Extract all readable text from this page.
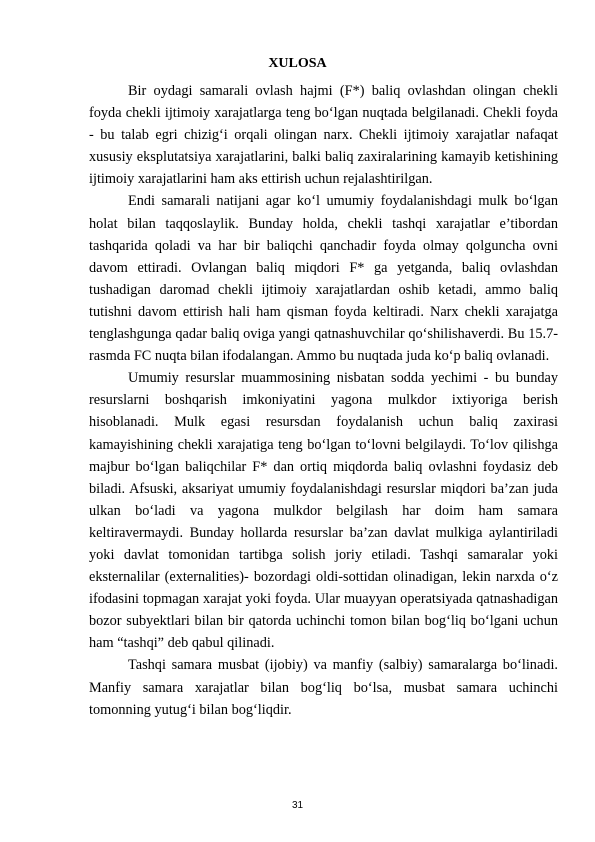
XULOSA

Bir oydagi samarali ovlash hajmi (F*) baliq ovlashdan olingan chekli foyda chekli ijtimoiy xarajatlarga teng bo‘lgan nuqtada belgilanadi. Chekli foyda - bu talab egri chizig‘i orqali olingan narx. Chekli ijtimoiy xarajatlar nafaqat xususiy eksplutatsiya xarajatlarini, balki baliq zaxiralarining kamayib ketishining ijtimoiy xarajatlarini ham aks ettirish uchun rejalashtirilgan.

Endi samarali natijani agar ko‘l umumiy foydalanishdagi mulk bo‘lgan holat bilan taqqoslaylik. Bunday holda, chekli tashqi xarajatlar e’tibordan tashqarida qoladi va har bir baliqchi qanchadir foyda olmay qolguncha ovni davom ettiradi. Ovlangan baliq miqdori F* ga yetganda, baliq ovlashdan tushadigan daromad chekli ijtimoiy xarajatlardan oshib ketadi, ammo baliq tutishni davom ettirish hali ham qisman foyda keltiradi. Narx chekli xarajatga tenglashgunga qadar baliq oviga yangi qatnashuvchilar qo‘shilishaverdi. Bu 15.7-rasmda FC nuqta bilan ifodalangan. Ammo bu nuqtada juda ko‘p baliq ovlanadi.

Umumiy resurslar muammosining nisbatan sodda yechimi - bu bunday resurslarni boshqarish imkoniyatini yagona mulkdor ixtiyoriga berish hisoblanadi. Mulk egasi resursdan foydalanish uchun baliq zaxirasi kamayishining chekli xarajatiga teng bo‘lgan to‘lovni belgilaydi. To‘lov qilishga majbur bo‘lgan baliqchilar F* dan ortiq miqdorda baliq ovlashni foydasiz deb biladi. Afsuski, aksariyat umumiy foydalanishdagi resurslar miqdori ba’zan juda ulkan bo‘ladi va yagona mulkdor belgilash har doim ham samara keltiravermaydi. Bunday hollarda resurslar ba’zan davlat mulkiga aylantiriladi yoki davlat tomonidan tartibga solish joriy etiladi. Tashqi samaralar yoki eksternalilar (externalities)- bozordagi oldi-sottidan olinadigan, lekin narxda o‘z ifodasini topmagan xarajat yoki foyda. Ular muayyan operatsiyada qatnashadigan bozor subyektlari bilan bir qatorda uchinchi tomon bilan bog‘liq bo‘lgani uchun ham “tashqi” deb qabul qilinadi.

Tashqi samara musbat (ijobiy) va manfiy (salbiy) samaralarga bo‘linadi. Manfiy samara xarajatlar bilan bog‘liq bo‘lsa, musbat samara uchinchi tomonning yutug‘i bilan bog‘liqdir.

31
